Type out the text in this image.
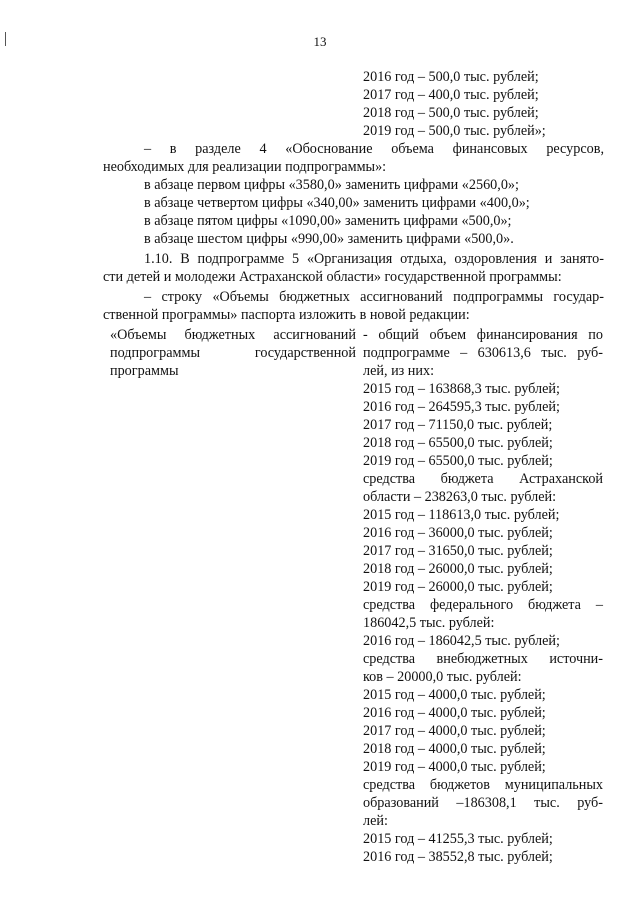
13
2016 год – 500,0 тыс. рублей;
2017 год – 400,0 тыс. рублей;
2018 год – 500,0 тыс. рублей;
2019 год – 500,0 тыс. рублей»;
– в разделе 4 «Обоснование объема финансовых ресурсов,
необходимых для реализации подпрограммы»:
в абзаце первом цифры «3580,0» заменить цифрами «2560,0»;
в абзаце четвертом цифры «340,00» заменить цифрами «400,0»;
в абзаце пятом цифры «1090,00» заменить цифрами «500,0»;
в абзаце шестом цифры «990,00» заменить цифрами «500,0».
1.10. В подпрограмме 5 «Организация отдыха, оздоровления и занято-
сти детей и молодежи Астраханской области» государственной программы:
– строку «Объемы бюджетных ассигнований подпрограммы государ-
ственной программы» паспорта изложить в новой редакции:
«Объемы бюджетных ассигнований
подпрограммы государственной
программы
- общий объем финансирования по
подпрограмме – 630613,6 тыс. руб-
лей, из них:
2015 год – 163868,3 тыс. рублей;
2016 год – 264595,3 тыс. рублей;
2017 год – 71150,0 тыс. рублей;
2018 год – 65500,0 тыс. рублей;
2019 год – 65500,0 тыс. рублей;
средства бюджета Астраханской
области – 238263,0 тыс. рублей:
2015 год – 118613,0 тыс. рублей;
2016 год – 36000,0 тыс. рублей;
2017 год – 31650,0 тыс. рублей;
2018 год – 26000,0 тыс. рублей;
2019 год – 26000,0 тыс. рублей;
средства федерального бюджета –
186042,5 тыс. рублей:
2016 год – 186042,5 тыс. рублей;
средства внебюджетных источни-
ков – 20000,0 тыс. рублей:
2015 год – 4000,0 тыс. рублей;
2016 год – 4000,0 тыс. рублей;
2017 год – 4000,0 тыс. рублей;
2018 год – 4000,0 тыс. рублей;
2019 год – 4000,0 тыс. рублей;
средства бюджетов муниципальных
образований –186308,1 тыс. руб-
лей:
2015 год – 41255,3 тыс. рублей;
2016 год – 38552,8 тыс. рублей;
